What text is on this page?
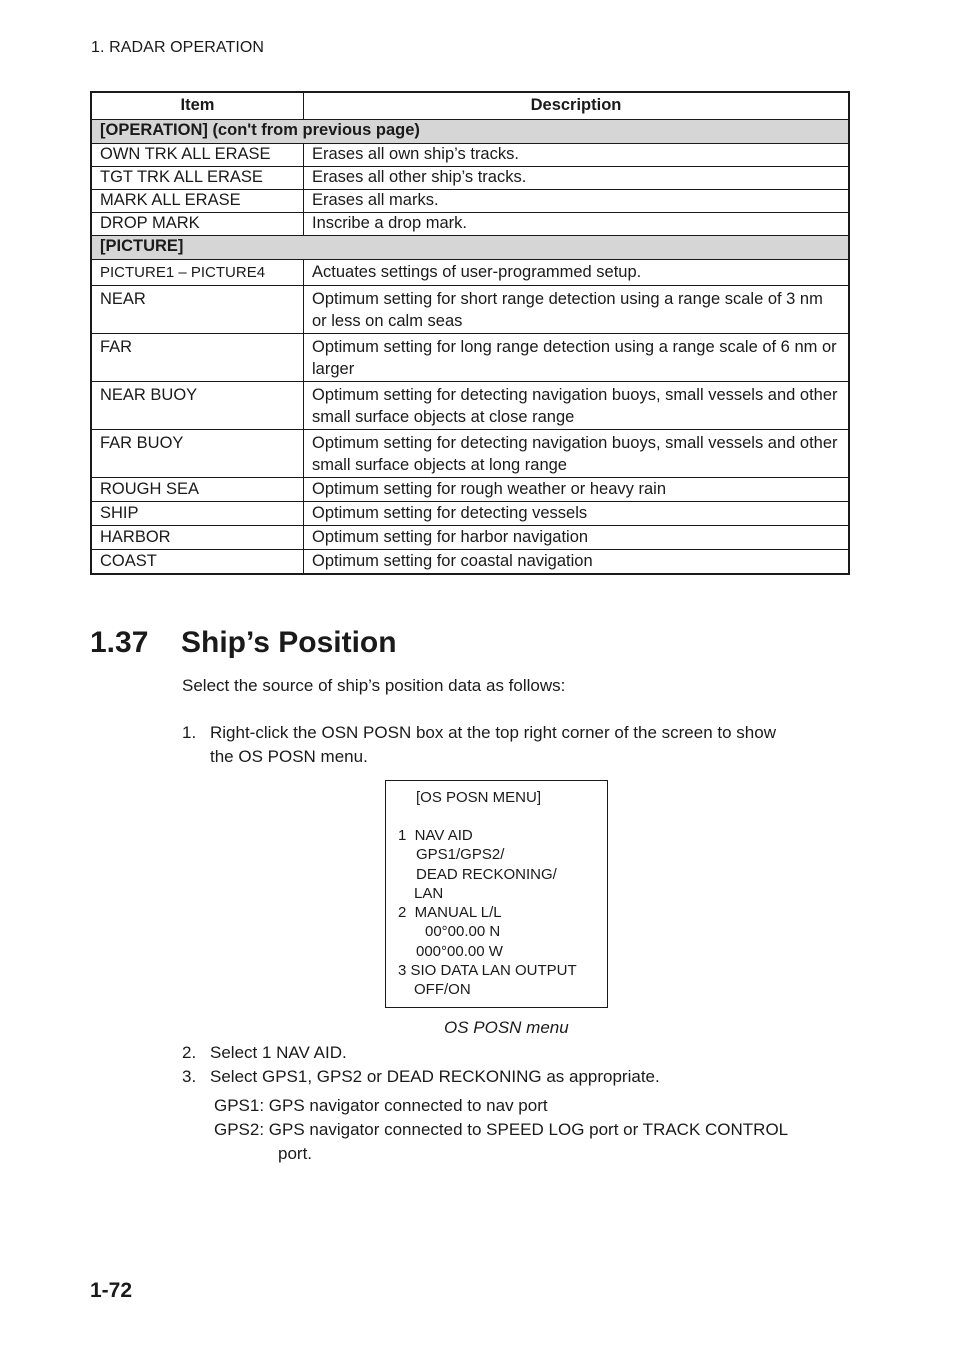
1. RADAR OPERATION
Item	Description
[OPERATION] (con't from previous page)	
OWN TRK ALL ERASE	Erases all own ship’s tracks.
TGT TRK ALL ERASE	Erases all other ship’s tracks.
MARK ALL ERASE	Erases all marks.
DROP MARK	Inscribe a drop mark.
[PICTURE]	
PICTURE1 – PICTURE4	Actuates settings of user-programmed setup.
NEAR	Optimum setting for short range detection using a range scale of 3 nm or less on calm seas
FAR	Optimum setting for long range detection using a range scale of 6 nm or larger
NEAR BUOY	Optimum setting for detecting navigation buoys, small vessels and other small surface objects at close range
FAR BUOY	Optimum setting for detecting navigation buoys, small vessels and other small surface objects at long range
ROUGH SEA	Optimum setting for rough weather or heavy rain
SHIP	Optimum setting for detecting vessels
HARBOR	Optimum setting for harbor navigation
COAST	Optimum setting for coastal navigation
1.37 Ship’s Position
Select the source of ship’s position data as follows:
1. Right-click the OSN POSN box at the top right corner of the screen to show
the OS POSN menu.
[OS POSN MENU]
1  NAV AID
GPS1/GPS2/
DEAD RECKONING/
LAN
2  MANUAL L/L
00°00.00 N
000°00.00 W
3 SIO DATA LAN OUTPUT
OFF/ON
OS POSN menu
2. Select 1 NAV AID.
3. Select GPS1, GPS2 or DEAD RECKONING as appropriate.
GPS1: GPS navigator connected to nav port
GPS2: GPS navigator connected to SPEED LOG port or TRACK CONTROL
port.
1-72
